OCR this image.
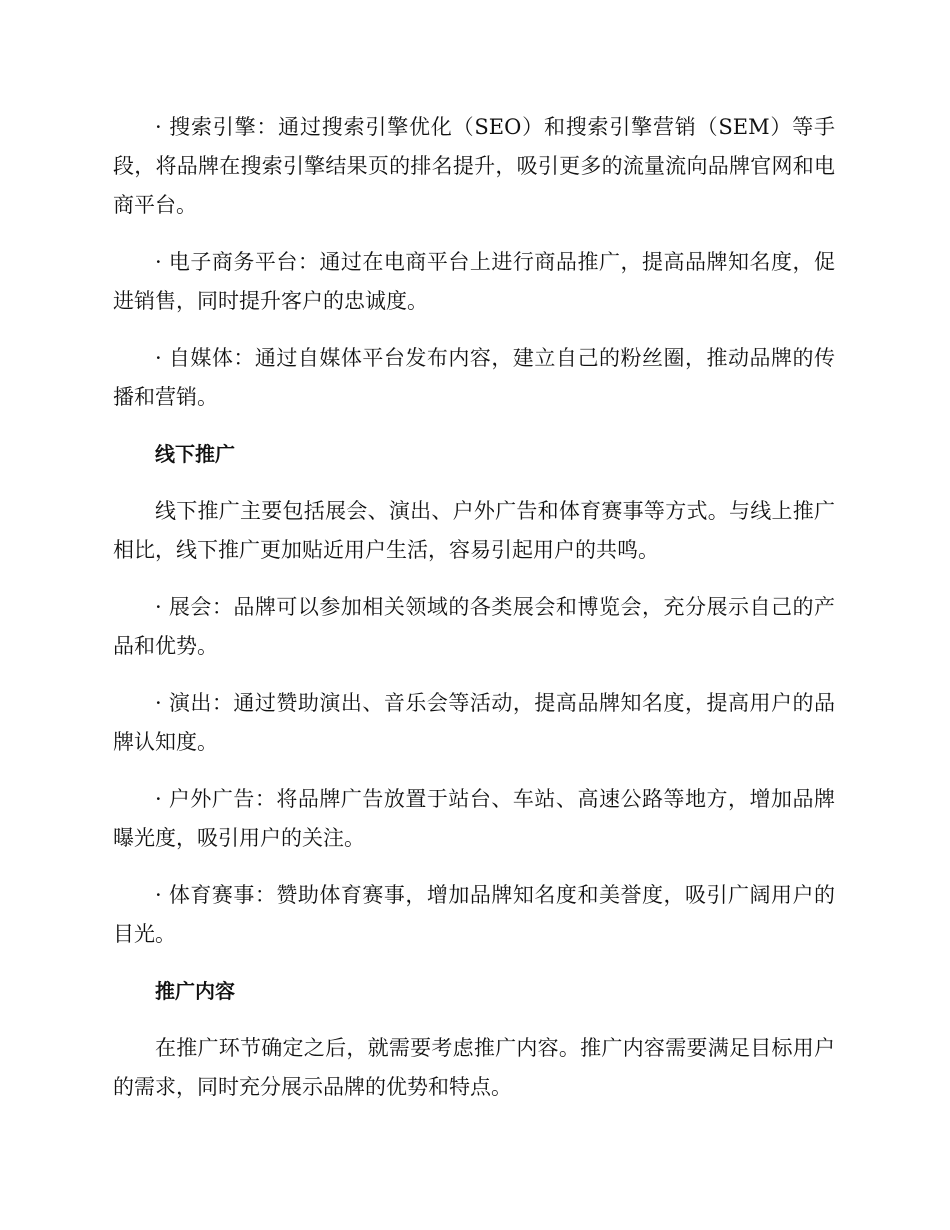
· 搜索引擎：通过搜索引擎优化（SEO）和搜索引擎营销（SEM）等手段，将品牌在搜索引擎结果页的排名提升，吸引更多的流量流向品牌官网和电商平台。

· 电子商务平台：通过在电商平台上进行商品推广，提高品牌知名度，促进销售，同时提升客户的忠诚度。

· 自媒体：通过自媒体平台发布内容，建立自己的粉丝圈，推动品牌的传播和营销。

线下推广

线下推广主要包括展会、演出、户外广告和体育赛事等方式。与线上推广相比，线下推广更加贴近用户生活，容易引起用户的共鸣。

· 展会：品牌可以参加相关领域的各类展会和博览会，充分展示自己的产品和优势。

· 演出：通过赞助演出、音乐会等活动，提高品牌知名度，提高用户的品牌认知度。

· 户外广告：将品牌广告放置于站台、车站、高速公路等地方，增加品牌曝光度，吸引用户的关注。

· 体育赛事：赞助体育赛事，增加品牌知名度和美誉度，吸引广阔用户的目光。

推广内容

在推广环节确定之后，就需要考虑推广内容。推广内容需要满足目标用户的需求，同时充分展示品牌的优势和特点。
